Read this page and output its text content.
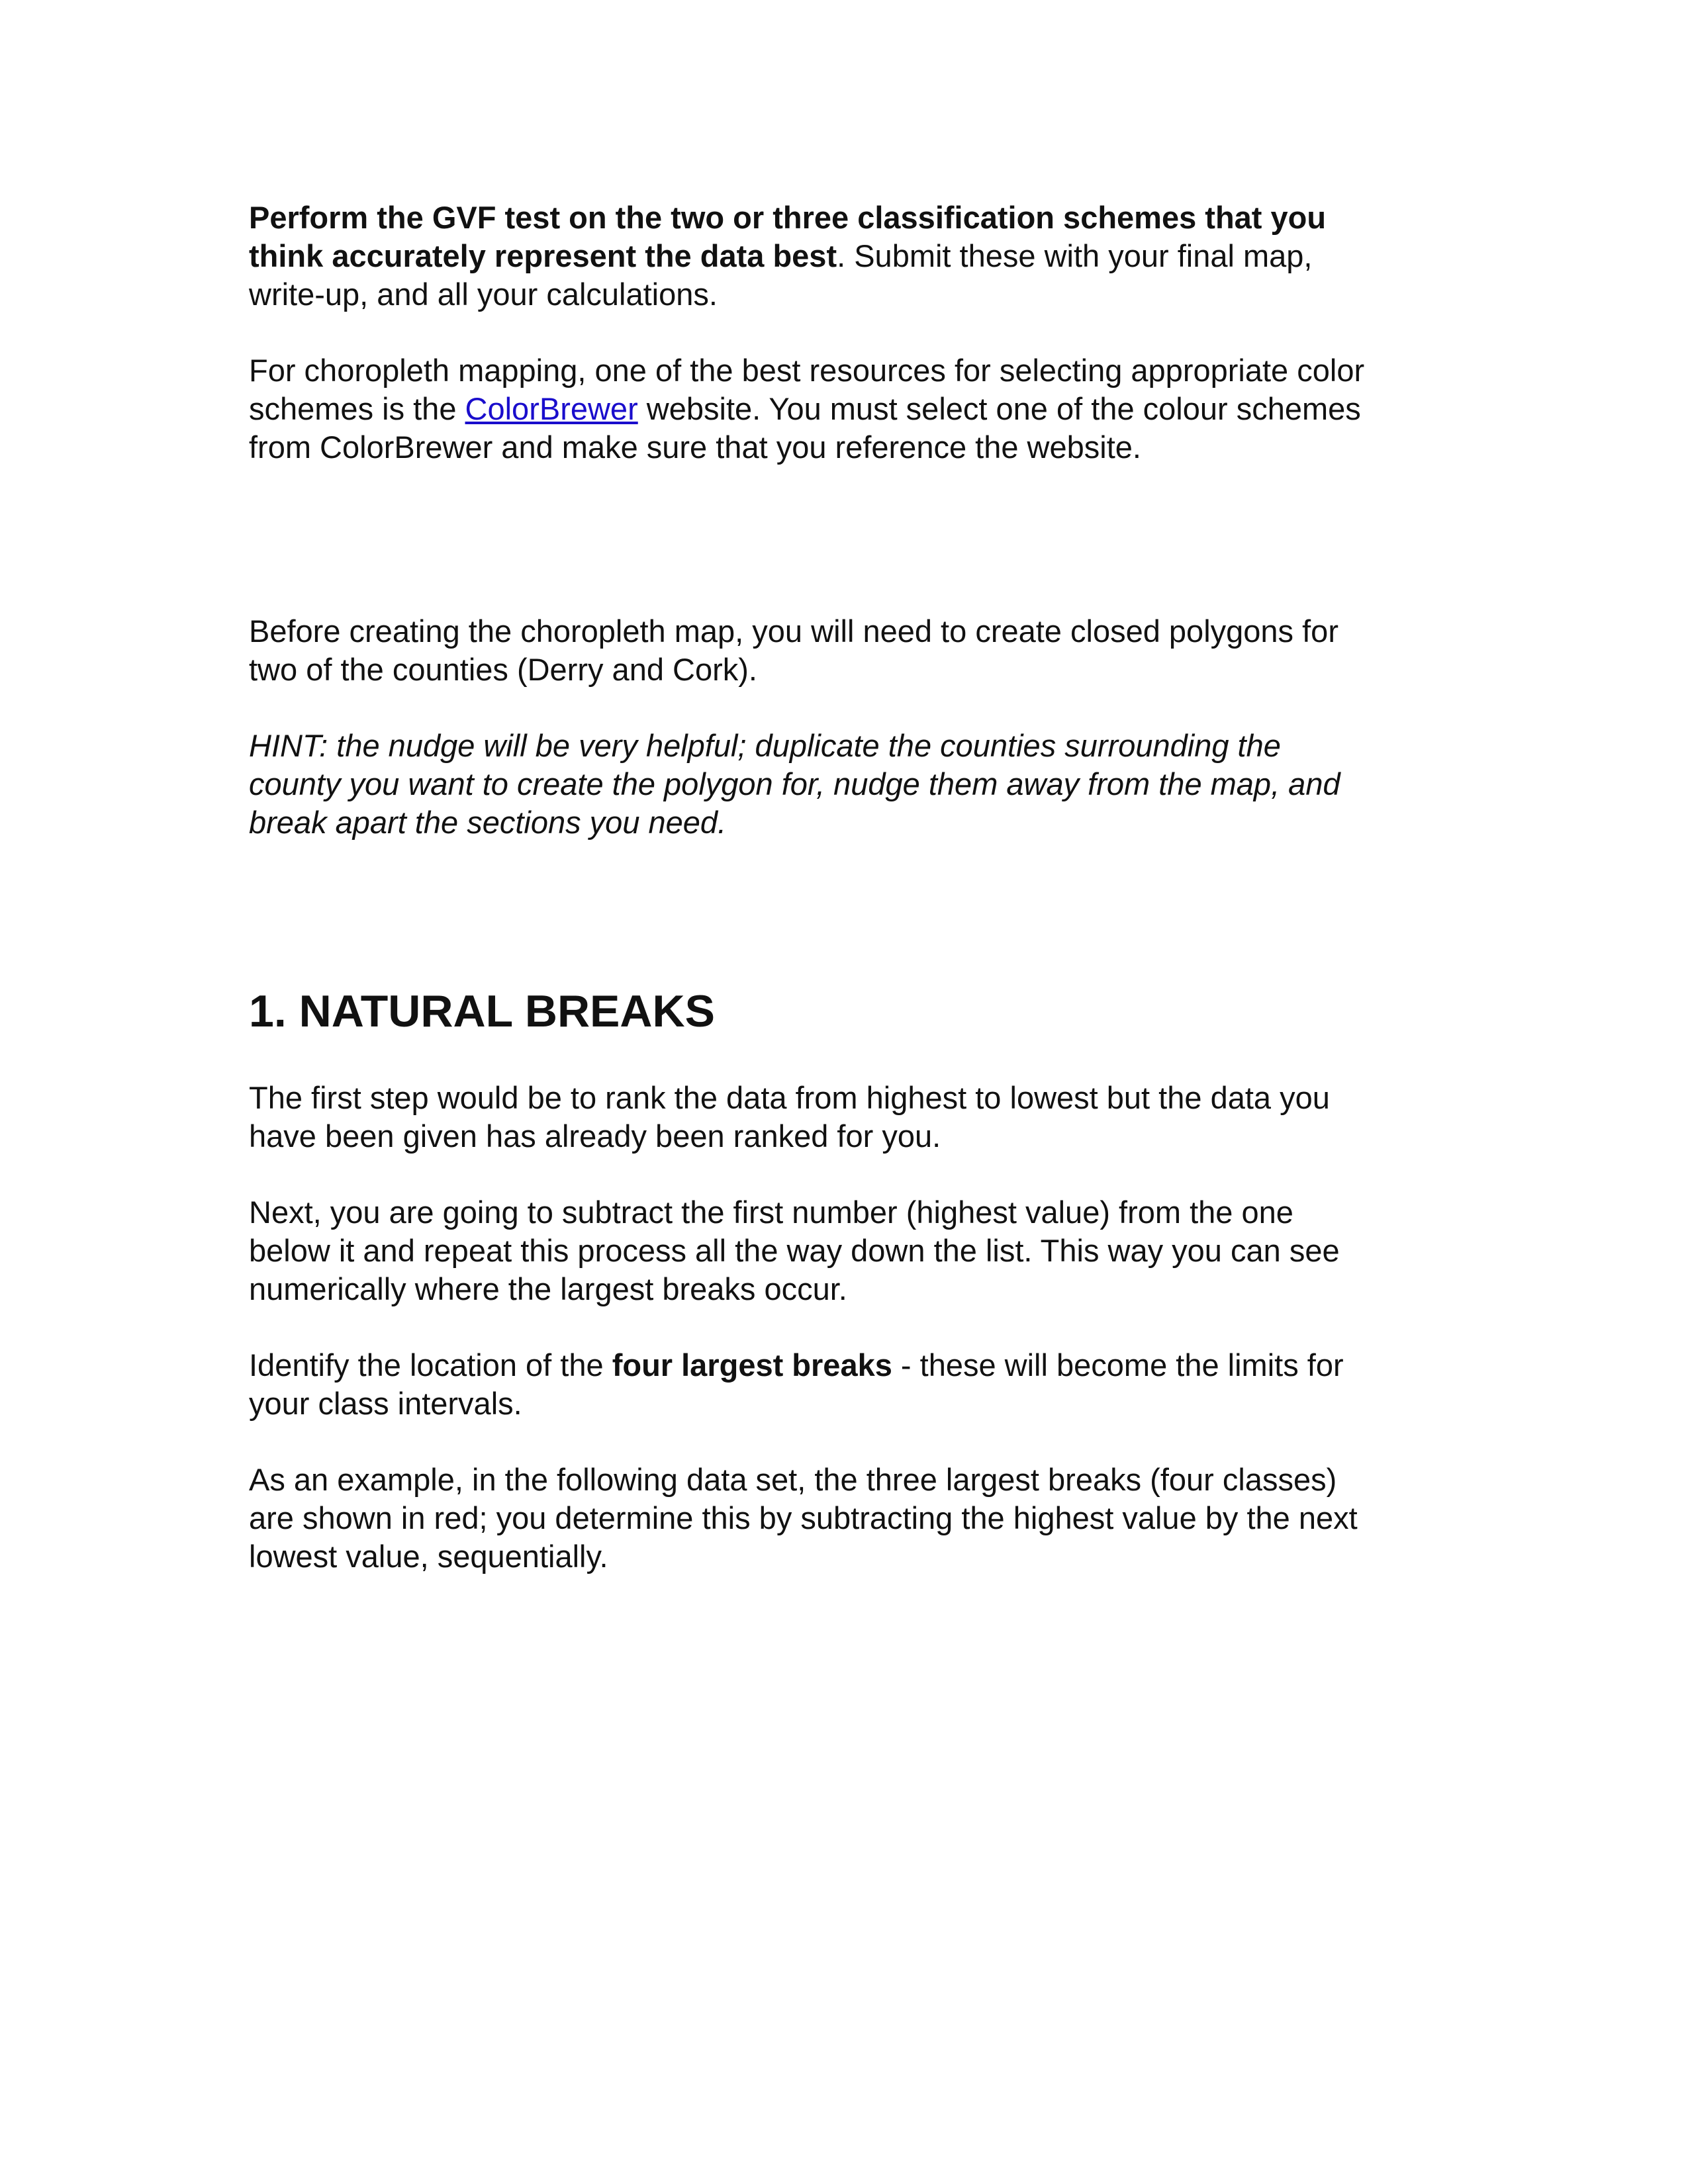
Perform the GVF test on the two or three classification schemes that you
think accurately represent the data best. Submit these with your final map,
write-up, and all your calculations.

For choropleth mapping, one of the best resources for selecting appropriate color
schemes is the ColorBrewer website. You must select one of the colour schemes
from ColorBrewer and make sure that you reference the website.

Before creating the choropleth map, you will need to create closed polygons for
two of the counties (Derry and Cork).

HINT: the nudge will be very helpful; duplicate the counties surrounding the
county you want to create the polygon for, nudge them away from the map, and
break apart the sections you need.

1. NATURAL BREAKS

The first step would be to rank the data from highest to lowest but the data you
have been given has already been ranked for you.

Next, you are going to subtract the first number (highest value) from the one
below it and repeat this process all the way down the list. This way you can see
numerically where the largest breaks occur.

Identify the location of the four largest breaks - these will become the limits for
your class intervals.

As an example, in the following data set, the three largest breaks (four classes)
are shown in red; you determine this by subtracting the highest value by the next
lowest value, sequentially.
